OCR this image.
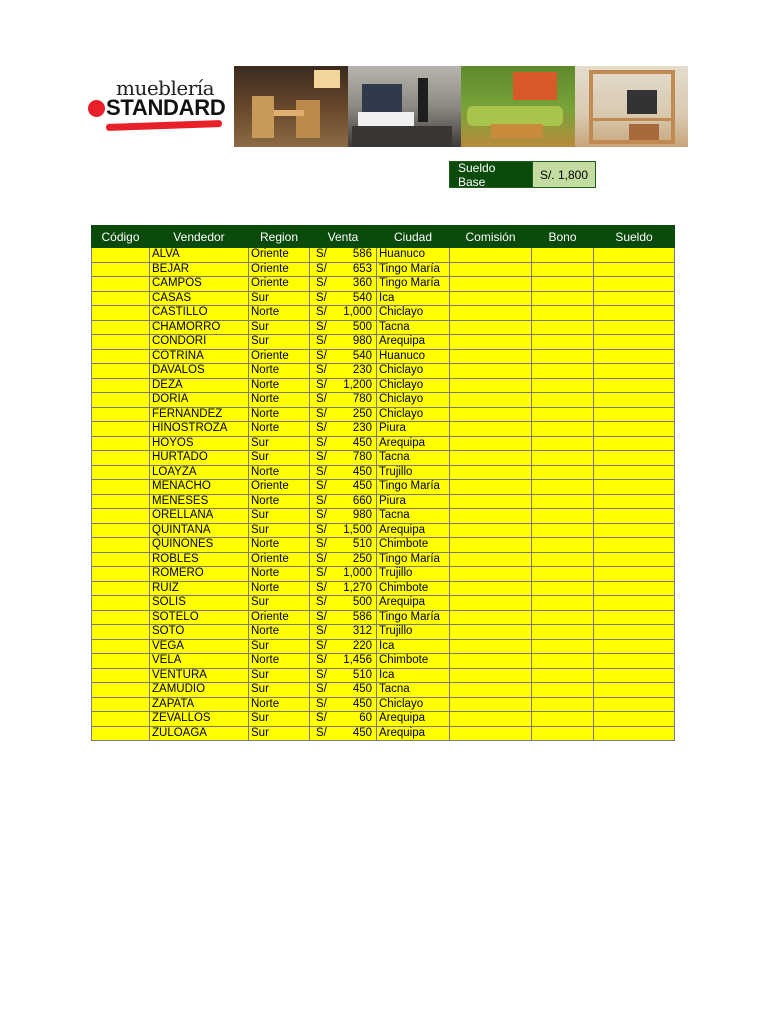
mueblería
STANDARD
Sueldo Base	S/. 1,800
Código	Vendedor	Region	Venta	Ciudad	Comisión	Bono	Sueldo
	ALVA	Oriente	S/ 586	Huanuco			
	BEJAR	Oriente	S/ 653	Tingo María			
	CAMPOS	Oriente	S/ 360	Tingo María			
	CASAS	Sur	S/ 540	Ica			
	CASTILLO	Norte	S/ 1,000	Chiclayo			
	CHAMORRO	Sur	S/ 500	Tacna			
	CONDORI	Sur	S/ 980	Arequipa			
	COTRINA	Oriente	S/ 540	Huanuco			
	DAVALOS	Norte	S/ 230	Chiclayo			
	DEZA	Norte	S/ 1,200	Chiclayo			
	DORIA	Norte	S/ 780	Chiclayo			
	FERNANDEZ	Norte	S/ 250	Chiclayo			
	HINOSTROZA	Norte	S/ 230	Piura			
	HOYOS	Sur	S/ 450	Arequipa			
	HURTADO	Sur	S/ 780	Tacna			
	LOAYZA	Norte	S/ 450	Trujillo			
	MENACHO	Oriente	S/ 450	Tingo María			
	MENESES	Norte	S/ 660	Piura			
	ORELLANA	Sur	S/ 980	Tacna			
	QUINTANA	Sur	S/ 1,500	Arequipa			
	QUINONES	Norte	S/ 510	Chimbote			
	ROBLES	Oriente	S/ 250	Tingo María			
	ROMERO	Norte	S/ 1,000	Trujillo			
	RUIZ	Norte	S/ 1,270	Chimbote			
	SOLIS	Sur	S/ 500	Arequipa			
	SOTELO	Oriente	S/ 586	Tingo María			
	SOTO	Norte	S/ 312	Trujillo			
	VEGA	Sur	S/ 220	Ica			
	VELA	Norte	S/ 1,456	Chimbote			
	VENTURA	Sur	S/ 510	Ica			
	ZAMUDIO	Sur	S/ 450	Tacna			
	ZAPATA	Norte	S/ 450	Chiclayo			
	ZEVALLOS	Sur	S/ 60	Arequipa			
	ZULOAGA	Sur	S/ 450	Arequipa			
